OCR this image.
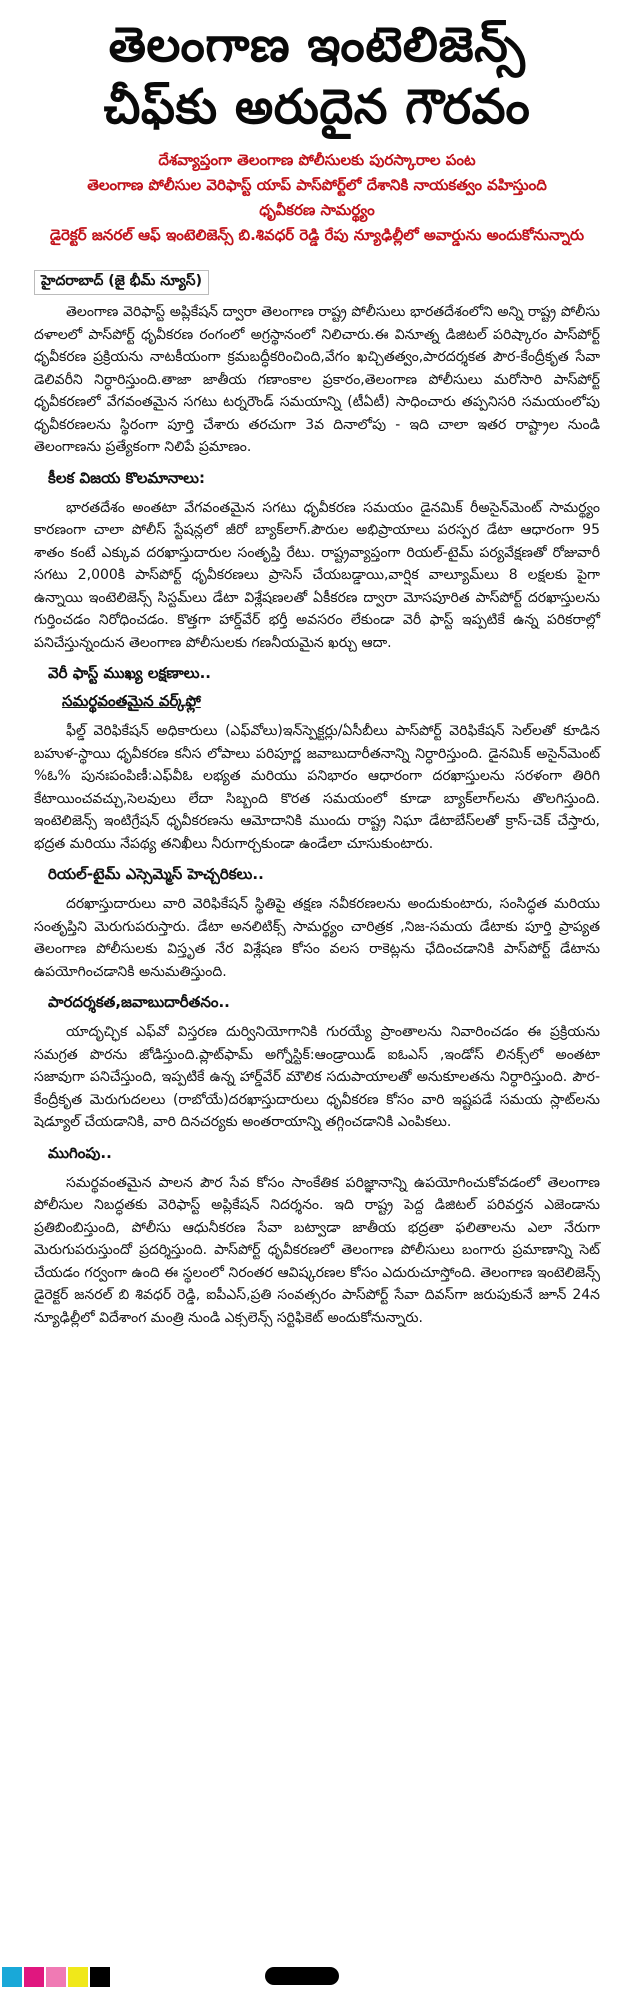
తెలంగాణ ఇంటెలిజెన్స్
చీఫ్‌కు అరుదైన గౌరవం
దేశవ్యాప్తంగా తెలంగాణ పోలీసులకు పురస్కారాల పంట
తెలంగాణ పోలీసుల వెరిఫాస్ట్ యాప్ పాస్‌పోర్ట్‌లో దేశానికి నాయకత్వం వహిస్తుంది
ధృవీకరణ సామర్థ్యం
డైరెక్టర్ జనరల్ ఆఫ్ ఇంటెలిజెన్స్ బి.శివధర్ రెడ్డి రేపు న్యూఢిల్లీలో అవార్డును అందుకోనున్నారు
హైదరాబాద్ (జై భీమ్ న్యూస్)

తెలంగాణ వెరిఫాస్ట్ అప్లికేషన్ ద్వారా తెలంగాణ రాష్ట్ర పోలీసులు భారతదేశంలోని అన్ని రాష్ట్ర పోలీసు దళాలలో పాస్‌పోర్ట్ ధృవీకరణ రంగంలో అగ్రస్థానంలో నిలిచారు.ఈ వినూత్న డిజిటల్ పరిష్కారం పాస్‌పోర్ట్ ధృవీకరణ ప్రక్రియను నాటకీయంగా క్రమబద్ధీకరించింది,వేగం ఖచ్చితత్వం,పారదర్శకత పౌర-కేంద్రీకృత సేవా డెలివరీని నిర్ధారిస్తుంది.తాజా జాతీయ గణాంకాల ప్రకారం,తెలంగాణ పోలీసులు మరోసారి పాస్‌పోర్ట్ ధృవీకరణలో వేగవంతమైన సగటు టర్నరౌండ్ సమయాన్ని (టీఏటీ) సాధించారు తప్పనిసరి సమయంలోపు ధృవీకరణలను స్థిరంగా పూర్తి చేశారు తరచుగా 3వ దినాలోపు - ఇది చాలా ఇతర రాష్ట్రాల నుండి తెలంగాణను ప్రత్యేకంగా నిలిపే ప్రమాణం.

కీలక విజయ కొలమానాలు:

భారతదేశం అంతటా వేగవంతమైన సగటు ధృవీకరణ సమయం డైనమిక్ రీఅసైన్‌మెంట్ సామర్థ్యం కారణంగా చాలా పోలీస్ స్టేషన్లలో జీరో బ్యాక్‌లాగ్.పౌరుల అభిప్రాయాలు పరస్పర డేటా ఆధారంగా 95 శాతం కంటే ఎక్కువ దరఖాస్తుదారుల సంతృప్తి రేటు. రాష్ట్రవ్యాప్తంగా రియల్-టైమ్ పర్యవేక్షణతో రోజువారీ సగటు 2,000కి పాస్‌పోర్ట్ ధృవీకరణలు ప్రాసెస్ చేయబడ్డాయి,వార్షిక వాల్యూమ్‌లు 8 లక్షలకు పైగా ఉన్నాయి ఇంటెలిజెన్స్ సిస్టమ్‌లు డేటా విశ్లేషణలతో ఏకీకరణ ద్వారా మోసపూరిత పాస్‌పోర్ట్ దరఖాస్తులను గుర్తించడం నిరోధించడం. కొత్తగా హార్డ్‌వేర్ భర్తీ అవసరం లేకుండా వెరీ ఫాస్ట్ ఇప్పటికే ఉన్న పరికరాల్లో పనిచేస్తున్నందున తెలంగాణ పోలీసులకు గణనీయమైన ఖర్చు ఆదా.

వెరీ ఫాస్ట్ ముఖ్య లక్షణాలు..
సమర్థవంతమైన వర్క్‌ఫ్లో

ఫీల్డ్ వెరిఫికేషన్ అధికారులు (ఎఫ్‌వోలు)ఇన్‌స్పెక్టర్లు/ఏసీబీలు పాస్‌పోర్ట్ వెరిఫికేషన్ సెల్‌లతో కూడిన బహుళ-స్థాయి ధృవీకరణ కనీస లోపాలు పరిపూర్ణ జవాబుదారీతనాన్ని నిర్ధారిస్తుంది. డైనమిక్ అసైన్‌మెంట్ %ఓ% పునఃపంపిణీ:ఎఫ్‌వీఓ లభ్యత మరియు పనిభారం ఆధారంగా దరఖాస్తులను సరళంగా తిరిగి కేటాయించవచ్చు,సెలవులు లేదా సిబ్బంది కొరత సమయంలో కూడా బ్యాక్‌లాగ్‌లను తొలగిస్తుంది. ఇంటెలిజెన్స్ ఇంటిగ్రేషన్ ధృవీకరణను ఆమోదానికి ముందు రాష్ట్ర నిఘా డేటాబేస్‌లతో క్రాస్-చెక్ చేస్తారు, భద్రత మరియు నేపథ్య తనిఖీలు నీరుగార్చకుండా ఉండేలా చూసుకుంటారు.

రియల్-టైమ్ ఎస్సెమ్మెస్ హెచ్చరికలు..

దరఖాస్తుదారులు వారి వెరిఫికేషన్ స్థితిపై తక్షణ నవీకరణలను అందుకుంటారు, సంసిద్ధత మరియు సంతృప్తిని మెరుగుపరుస్తారు. డేటా అనలిటిక్స్ సామర్థ్యం చారిత్రక ,నిజ-సమయ డేటాకు పూర్తి ప్రాప్యత తెలంగాణ పోలీసులకు విస్తృత నేర విశ్లేషణ కోసం వలస రాకెట్లను ఛేదించడానికి పాస్‌పోర్ట్ డేటాను ఉపయోగించడానికి అనుమతిస్తుంది.

పారదర్శకత,జవాబుదారీతనం..

యాదృచ్ఛిక ఎఫ్‌వో విస్తరణ దుర్వినియోగానికి గురయ్యే ప్రాంతాలను నివారించడం ఈ ప్రక్రియను సమగ్రత పొరను జోడిస్తుంది.ప్లాట్‌ఫామ్ అగ్నోస్టిక్:ఆండ్రాయిడ్ ఐఓఎస్ ,ఇండోస్ లినక్స్‌లో అంతటా సజావుగా పనిచేస్తుంది, ఇప్పటికే ఉన్న హార్డ్‌వేర్ మౌలిక సదుపాయాలతో అనుకూలతను నిర్ధారిస్తుంది. పౌర-కేంద్రీకృత మెరుగుదలలు (రాబోయే)దరఖాస్తుదారులు ధృవీకరణ కోసం వారి ఇష్టపడే సమయ స్లాట్‌లను షెడ్యూల్ చేయడానికి, వారి దినచర్యకు అంతరాయాన్ని తగ్గించడానికి ఎంపికలు.

ముగింపు..

సమర్థవంతమైన పాలన పౌర సేవ కోసం సాంకేతిక పరిజ్ఞానాన్ని ఉపయోగించుకోవడంలో తెలంగాణ పోలీసుల నిబద్ధతకు వెరిఫాస్ట్ అప్లికేషన్ నిదర్శనం. ఇది రాష్ట్ర పెద్ద డిజిటల్ పరివర్తన ఎజెండాను ప్రతిబింబిస్తుంది, పోలీసు ఆధునీకరణ సేవా బట్వాడా జాతీయ భద్రతా ఫలితాలను ఎలా నేరుగా మెరుగుపరుస్తుందో ప్రదర్శిస్తుంది. పాస్‌పోర్ట్ ధృవీకరణలో తెలంగాణ పోలీసులు బంగారు ప్రమాణాన్ని సెట్ చేయడం గర్వంగా ఉంది ఈ స్థలంలో నిరంతర ఆవిష్కరణల కోసం ఎదురుచూస్తోంది. తెలంగాణ ఇంటెలిజెన్స్ డైరెక్టర్ జనరల్ బి శివధర్ రెడ్డి, ఐపీఎస్,ప్రతి సంవత్సరం పాస్‌పోర్ట్ సేవా దివస్‌గా జరుపుకునే జూన్ 24న న్యూఢిల్లీలో విదేశాంగ మంత్రి నుండి ఎక్సలెన్స్ సర్టిఫికెట్ అందుకోనున్నారు.
